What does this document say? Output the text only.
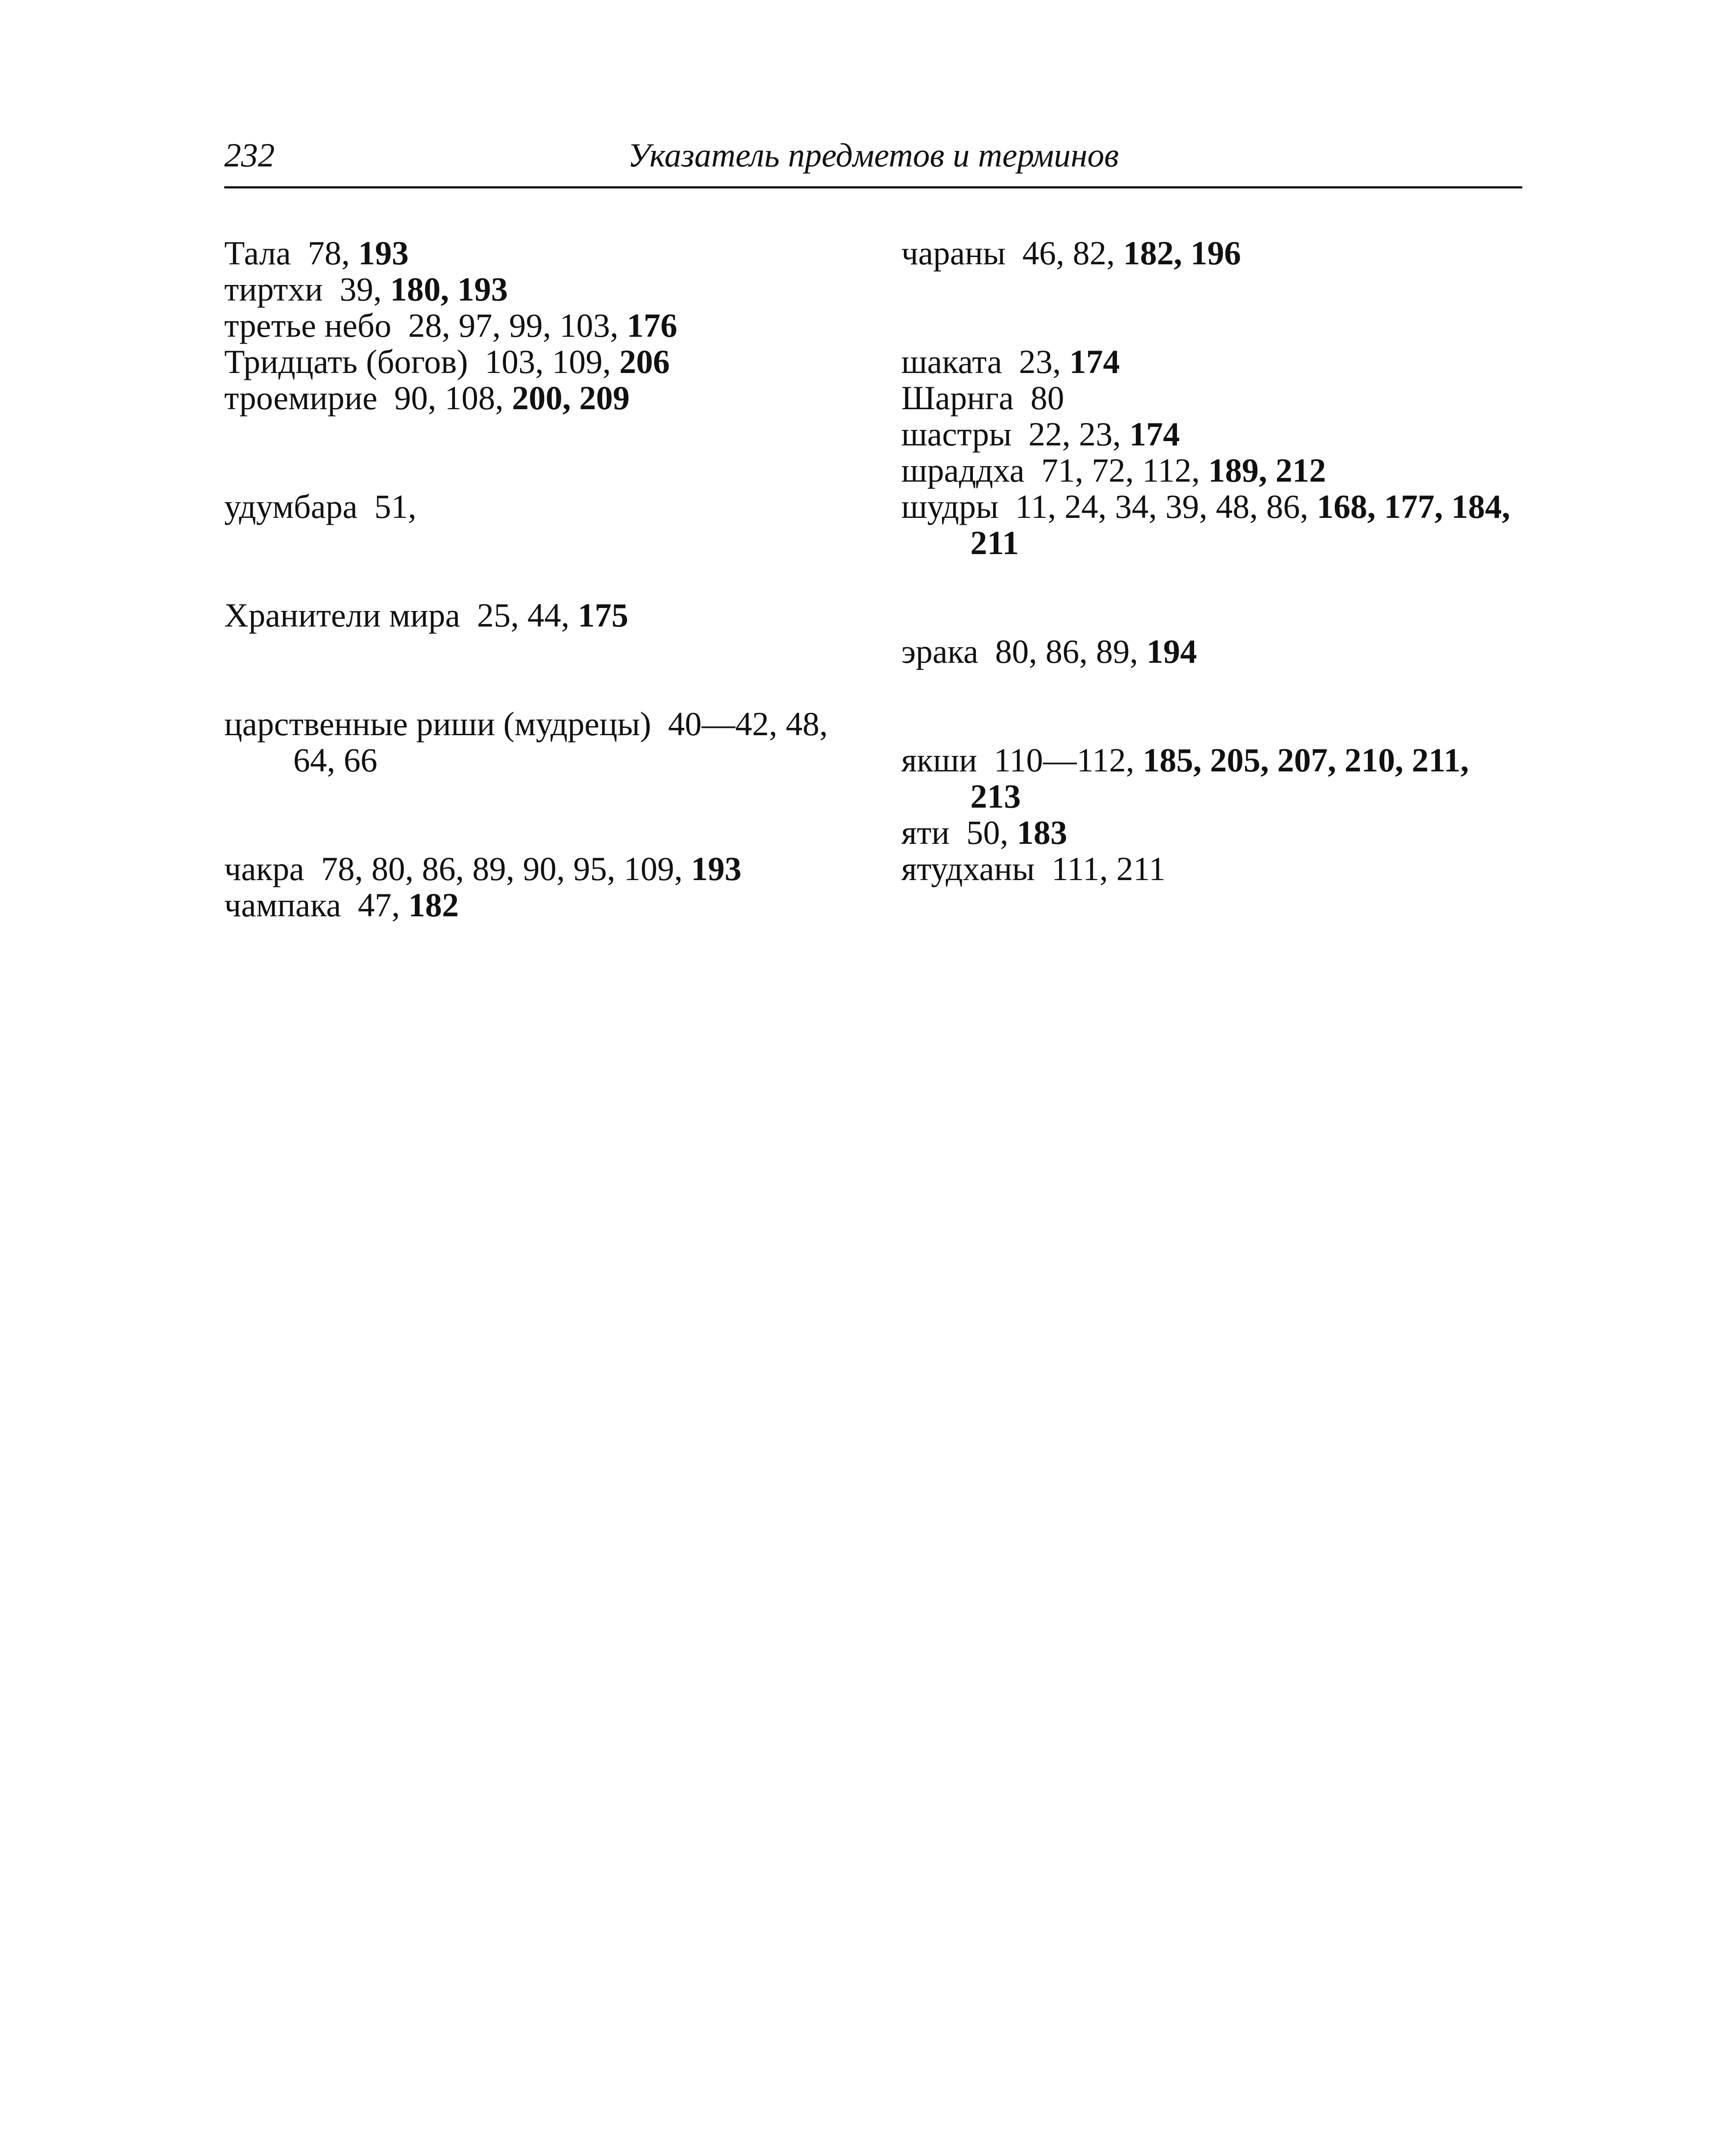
232	Указатель предметов и терминов
Тала 78, 193
тиртхи 39, 180, 193
третье небо 28, 97, 99, 103, 176
Тридцать (богов) 103, 109, 206
троемирие 90, 108, 200, 209
удумбара 51,
Хранители мира 25, 44, 175
царственные риши (мудрецы) 40—42, 48, 64, 66
чакра 78, 80, 86, 89, 90, 95, 109, 193
чампака 47, 182
чараны 46, 82, 182, 196
шаката 23, 174
Шарнга 80
шастры 22, 23, 174
шраддха 71, 72, 112, 189, 212
шудры 11, 24, 34, 39, 48, 86, 168, 177, 184, 211
эрака 80, 86, 89, 194
якши 110—112, 185, 205, 207, 210, 211, 213
яти 50, 183
ятудханы 111, 211
